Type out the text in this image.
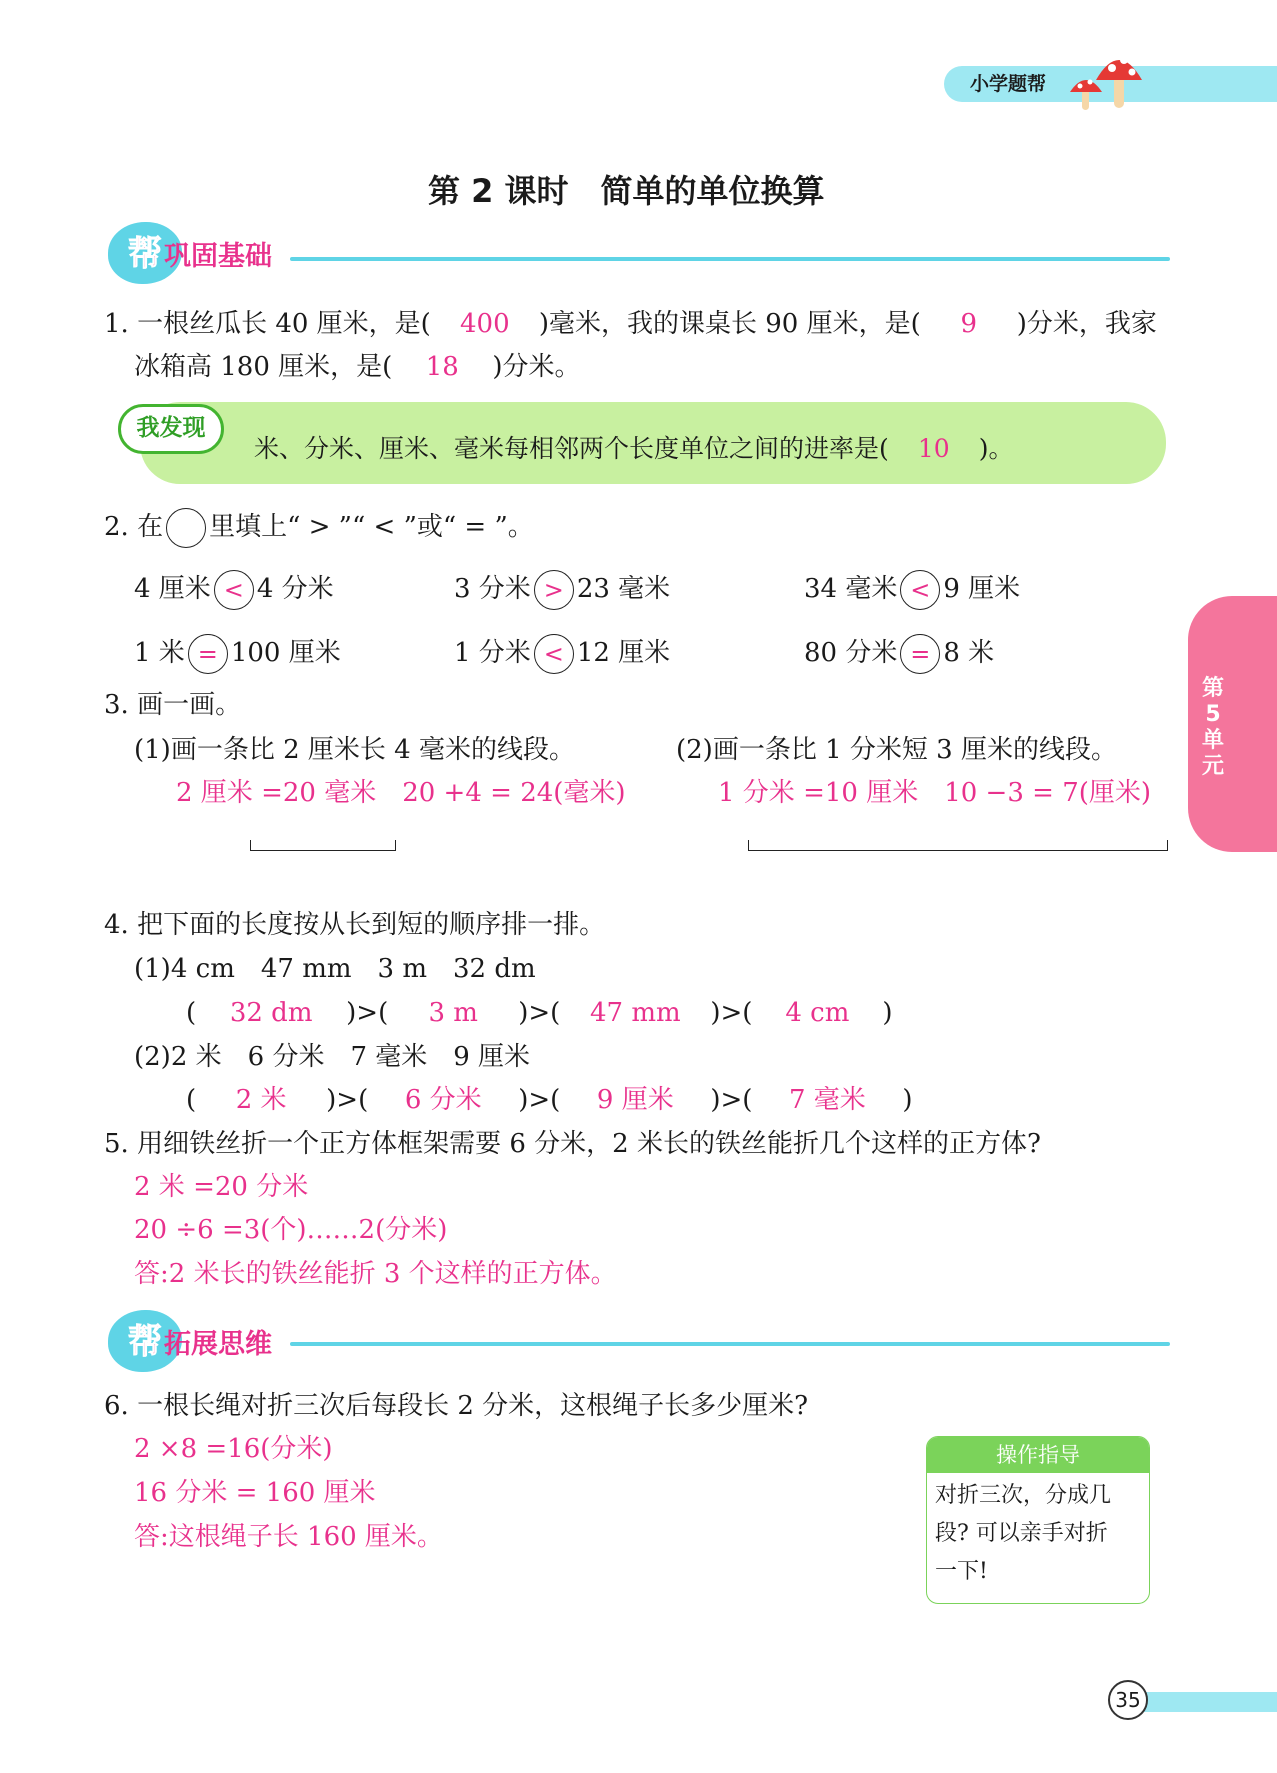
小学题帮
第 2 课时　简单的单位换算
帮 巩固基础
1. 一根丝瓜长 40 厘米，是( 400 )毫米，我的课桌长 90 厘米，是( 9 )分米，我家
冰箱高 180 厘米，是( 18 )分米。
我发现
米、分米、厘米、毫米每相邻两个长度单位之间的进率是( 10 )。
2. 在 里填上“ > ”“ < ”或“ = ”。
4 厘米 < 4 分米	3 分米 > 23 毫米	34 毫米 < 9 厘米
1 米 = 100 厘米	1 分米 < 12 厘米	80 分米 = 8 米
第
5
单
元
3. 画一画。
(1)画一条比 2 厘米长 4 毫米的线段。	(2)画一条比 1 分米短 3 厘米的线段。
2 厘米 =20 毫米　20 +4 = 24(毫米)	1 分米 =10 厘米　10 −3 = 7(厘米)
4. 把下面的长度按从长到短的顺序排一排。
(1)4 cm　47 mm　3 m　32 dm
( 32 dm )>( 3 m )>( 47 mm )>( 4 cm )
(2)2 米　6 分米　7 毫米　9 厘米
( 2 米 )>( 6 分米 )>( 9 厘米 )>( 7 毫米 )
5. 用细铁丝折一个正方体框架需要 6 分米，2 米长的铁丝能折几个这样的正方体?
2 米 =20 分米
20 ÷6 =3(个)……2(分米)
答:2 米长的铁丝能折 3 个这样的正方体。
帮 拓展思维
6. 一根长绳对折三次后每段长 2 分米，这根绳子长多少厘米?
2 ×8 =16(分米)
16 分米 = 160 厘米
答:这根绳子长 160 厘米。
操作指导
对折三次，分成几
段? 可以亲手对折
一下!
35
